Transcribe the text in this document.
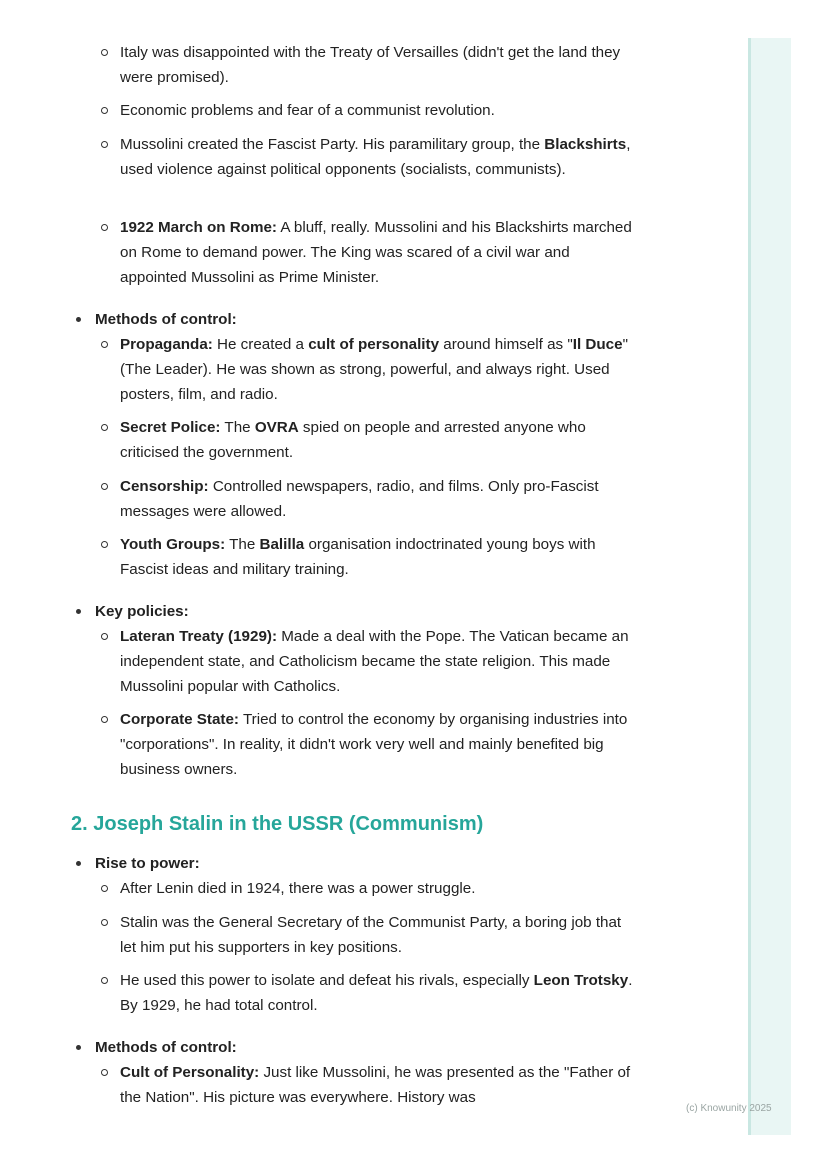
Italy was disappointed with the Treaty of Versailles (didn't get the land they were promised).
Economic problems and fear of a communist revolution.
Mussolini created the Fascist Party. His paramilitary group, the Blackshirts, used violence against political opponents (socialists, communists).
1922 March on Rome: A bluff, really. Mussolini and his Blackshirts marched on Rome to demand power. The King was scared of a civil war and appointed Mussolini as Prime Minister.
Methods of control:
Propaganda: He created a cult of personality around himself as "Il Duce" (The Leader). He was shown as strong, powerful, and always right. Used posters, film, and radio.
Secret Police: The OVRA spied on people and arrested anyone who criticised the government.
Censorship: Controlled newspapers, radio, and films. Only pro-Fascist messages were allowed.
Youth Groups: The Balilla organisation indoctrinated young boys with Fascist ideas and military training.
Key policies:
Lateran Treaty (1929): Made a deal with the Pope. The Vatican became an independent state, and Catholicism became the state religion. This made Mussolini popular with Catholics.
Corporate State: Tried to control the economy by organising industries into "corporations". In reality, it didn't work very well and mainly benefited big business owners.
2. Joseph Stalin in the USSR (Communism)
Rise to power:
After Lenin died in 1924, there was a power struggle.
Stalin was the General Secretary of the Communist Party, a boring job that let him put his supporters in key positions.
He used this power to isolate and defeat his rivals, especially Leon Trotsky. By 1929, he had total control.
Methods of control:
Cult of Personality: Just like Mussolini, he was presented as the "Father of the Nation". His picture was everywhere. History was
(c) Knowunity 2025
